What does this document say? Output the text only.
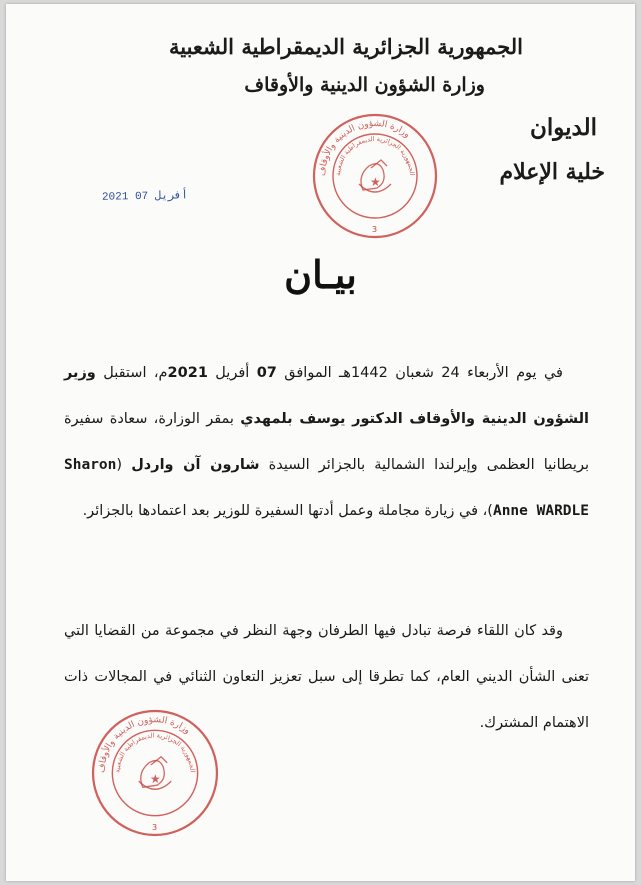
الجمهورية الجزائرية الديمقراطية الشعبية
وزارة الشؤون الدينية والأوقاف
الديوان
خلية الإعلام
2021 أفريل 07
وزارة الشؤون الدينية والأوقاف
الجمهورية الجزائرية الديمقراطية الشعبية
★
3
بيـان
في يوم الأربعاء 24 شعبان 1442هـ الموافق 07 أفريل 2021م، استقبل وزير الشؤون الدينية والأوقاف الدكتور يوسف بلمهدي بمقر الوزارة، سعادة سفيرة بريطانيا العظمى وإيرلندا الشمالية بالجزائر السيدة شارون آن واردل (Sharon Anne WARDLE)، في زيارة مجاملة وعمل أدتها السفيرة للوزير بعد اعتمادها بالجزائر.
وقد كان اللقاء فرصة تبادل فيها الطرفان وجهة النظر في مجموعة من القضايا التي تعنى الشأن الديني العام، كما تطرقا إلى سبل تعزيز التعاون الثنائي في المجالات ذات الاهتمام المشترك.
وزارة الشؤون الدينية والأوقاف
الجمهورية الجزائرية الديمقراطية الشعبية
★
3
